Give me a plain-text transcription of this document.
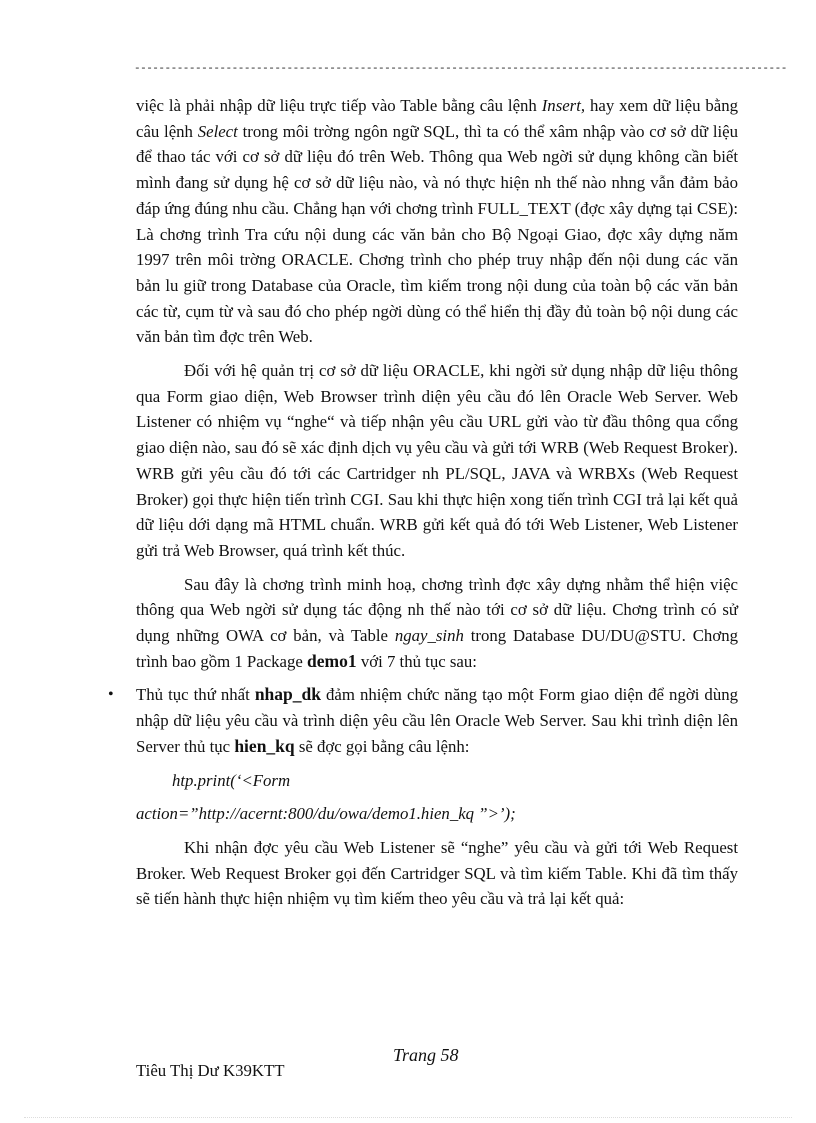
-----------------------------------------------------------------------------------------------------------

việc là phải nhập dữ liệu trực tiếp vào Table bằng câu lệnh Insert, hay xem dữ liệu bằng câu lệnh Select trong môi trờng ngôn ngữ SQL, thì ta có thể xâm nhập vào cơ sở dữ liệu để thao tác với cơ sở dữ liệu đó trên Web. Thông qua Web ngời sử dụng không cần biết mình đang sử dụng hệ cơ sở dữ liệu nào, và nó thực hiện nh thế nào nhng vẫn đảm bảo đáp ứng đúng nhu cầu. Chẳng hạn với chơng trình FULL_TEXT (đợc xây dựng tại CSE): Là chơng trình Tra cứu nội dung các văn bản cho Bộ Ngoại Giao, đợc xây dựng năm 1997 trên môi trờng ORACLE. Chơng trình cho phép truy nhập đến nội dung các văn bản lu giữ trong Database của Oracle, tìm kiếm trong nội dung của toàn bộ các văn bản các từ, cụm từ và sau đó cho phép ngời dùng có thể hiển thị đầy đủ toàn bộ nội dung các văn bản tìm đợc trên Web.

Đối với hệ quản trị cơ sở dữ liệu ORACLE, khi ngời sử dụng nhập dữ liệu thông qua Form giao diện, Web Browser trình diện yêu cầu đó lên Oracle Web Server. Web Listener có nhiệm vụ “nghe“ và tiếp nhận yêu cầu URL gửi vào từ đầu thông qua cổng giao diện nào, sau đó sẽ xác định dịch vụ yêu cầu và gửi tới WRB (Web Request Broker). WRB gửi yêu cầu đó tới các Cartridger nh PL/SQL, JAVA và WRBXs (Web Request Broker) gọi thực hiện tiến trình CGI. Sau khi thực hiện xong tiến trình CGI trả lại kết quả dữ liệu dới dạng mã HTML chuẩn. WRB gửi kết quả đó tới Web Listener, Web Listener gửi trả Web Browser, quá trình kết thúc.

Sau đây là chơng trình minh hoạ, chơng trình đợc xây dựng nhằm thể hiện việc thông qua Web ngời sử dụng tác động nh thế nào tới cơ sở dữ liệu. Chơng trình có sử dụng những OWA cơ bản, và Table ngay_sinh trong Database DU/DU@STU. Chơng trình bao gồm 1 Package demo1 với 7 thủ tục sau:

• Thủ tục thứ nhất nhap_dk đảm nhiệm chức năng tạo một Form giao diện để ngời dùng nhập dữ liệu yêu cầu và trình diện yêu cầu lên Oracle Web Server. Sau khi trình diện lên Server thủ tục hien_kq sẽ đợc gọi bằng câu lệnh:

htp.print(‘<Form

action=”http://acernt:800/du/owa/demo1.hien_kq ”>’);

Khi nhận đợc yêu cầu Web Listener sẽ “nghe” yêu cầu và gửi tới Web Request Broker. Web Request Broker gọi đến Cartridger SQL và tìm kiếm Table. Khi đã tìm thấy sẽ tiến hành thực hiện nhiệm vụ tìm kiếm theo yêu cầu và trả lại kết quả:

Trang 58
Tiêu Thị Dư K39KTT
